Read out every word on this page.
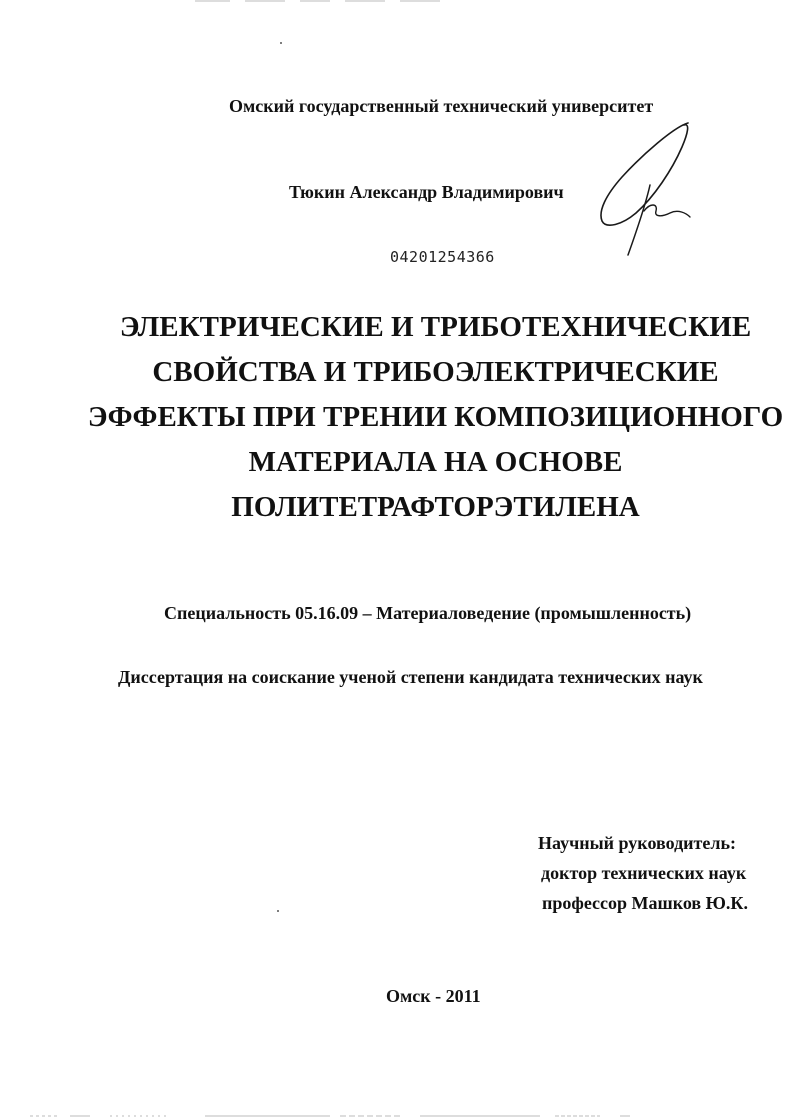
Омский государственный технический университет
Тюкин Александр Владимирович
04201254366
ЭЛЕКТРИЧЕСКИЕ И ТРИБОТЕХНИЧЕСКИЕ
СВОЙСТВА И ТРИБОЭЛЕКТРИЧЕСКИЕ
ЭФФЕКТЫ ПРИ ТРЕНИИ КОМПОЗИЦИОННОГО
МАТЕРИАЛА НА ОСНОВЕ
ПОЛИТЕТРАФТОРЭТИЛЕНА
Специальность 05.16.09 – Материаловедение (промышленность)
Диссертация на соискание ученой степени кандидата технических наук
Научный руководитель:
доктор технических наук
профессор Машков Ю.К.
Омск - 2011
